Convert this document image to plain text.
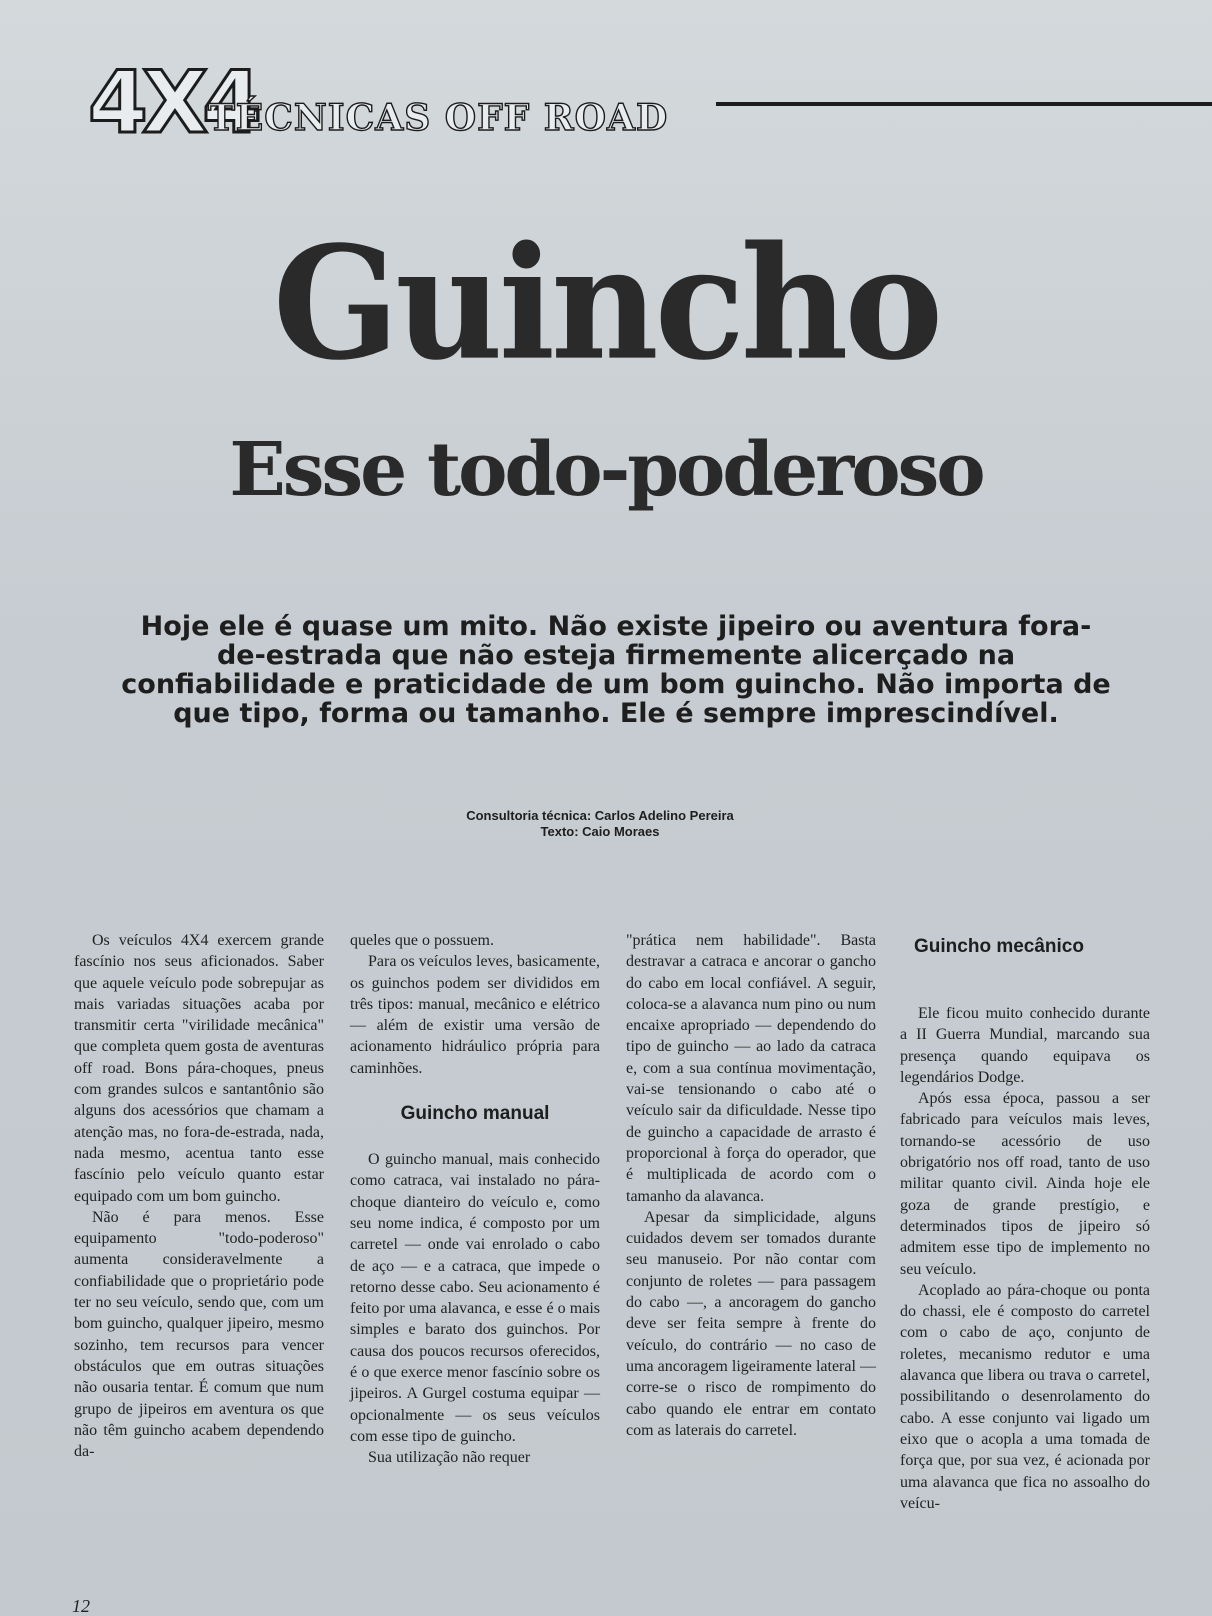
4X4
TÉCNICAS OFF ROAD
Guincho
Esse todo-poderoso
Hoje ele é quase um mito. Não existe jipeiro ou aventura fora-de-estrada que não esteja firmemente alicerçado na confiabilidade e praticidade de um bom guincho. Não importa de que tipo, forma ou tamanho. Ele é sempre imprescindível.
Consultoria técnica: Carlos Adelino Pereira
Texto: Caio Moraes

Os veículos 4X4 exercem grande fascínio nos seus aficionados. Saber que aquele veículo pode sobrepujar as mais variadas situações acaba por transmitir certa "virilidade mecânica" que completa quem gosta de aventuras off road. Bons pára-choques, pneus com grandes sulcos e santantônio são alguns dos acessórios que chamam a atenção mas, no fora-de-estrada, nada, nada mesmo, acentua tanto esse fascínio pelo veículo quanto estar equipado com um bom guincho.

Não é para menos. Esse equipamento "todo-poderoso" aumenta consideravelmente a confiabilidade que o proprietário pode ter no seu veículo, sendo que, com um bom guincho, qualquer jipeiro, mesmo sozinho, tem recursos para vencer obstáculos que em outras situações não ousaria tentar. É comum que num grupo de jipeiros em aventura os que não têm guincho acabem dependendo da-

queles que o possuem.

Para os veículos leves, basicamente, os guinchos podem ser divididos em três tipos: manual, mecânico e elétrico — além de existir uma versão de acionamento hidráulico própria para caminhões.

Guincho manual

O guincho manual, mais conhecido como catraca, vai instalado no pára-choque dianteiro do veículo e, como seu nome indica, é composto por um carretel — onde vai enrolado o cabo de aço — e a catraca, que impede o retorno desse cabo. Seu acionamento é feito por uma alavanca, e esse é o mais simples e barato dos guinchos. Por causa dos poucos recursos oferecidos, é o que exerce menor fascínio sobre os jipeiros. A Gurgel costuma equipar — opcionalmente — os seus veículos com esse tipo de guincho.

Sua utilização não requer

"prática nem habilidade". Basta destravar a catraca e ancorar o gancho do cabo em local confiável. A seguir, coloca-se a alavanca num pino ou num encaixe apropriado — dependendo do tipo de guincho — ao lado da catraca e, com a sua contínua movimentação, vai-se tensionando o cabo até o veículo sair da dificuldade. Nesse tipo de guincho a capacidade de arrasto é proporcional à força do operador, que é multiplicada de acordo com o tamanho da alavanca.

Apesar da simplicidade, alguns cuidados devem ser tomados durante seu manuseio. Por não contar com conjunto de roletes — para passagem do cabo —, a ancoragem do gancho deve ser feita sempre à frente do veículo, do contrário — no caso de uma ancoragem ligeiramente lateral — corre-se o risco de rompimento do cabo quando ele entrar em contato com as laterais do carretel.

Guincho mecânico

Ele ficou muito conhecido durante a II Guerra Mundial, marcando sua presença quando equipava os legendários Dodge.

Após essa época, passou a ser fabricado para veículos mais leves, tornando-se acessório de uso obrigatório nos off road, tanto de uso militar quanto civil. Ainda hoje ele goza de grande prestígio, e determinados tipos de jipeiro só admitem esse tipo de implemento no seu veículo.

Acoplado ao pára-choque ou ponta do chassi, ele é composto do carretel com o cabo de aço, conjunto de roletes, mecanismo redutor e uma alavanca que libera ou trava o carretel, possibilitando o desenrolamento do cabo. A esse conjunto vai ligado um eixo que o acopla a uma tomada de força que, por sua vez, é acionada por uma alavanca que fica no assoalho do veícu-

12
